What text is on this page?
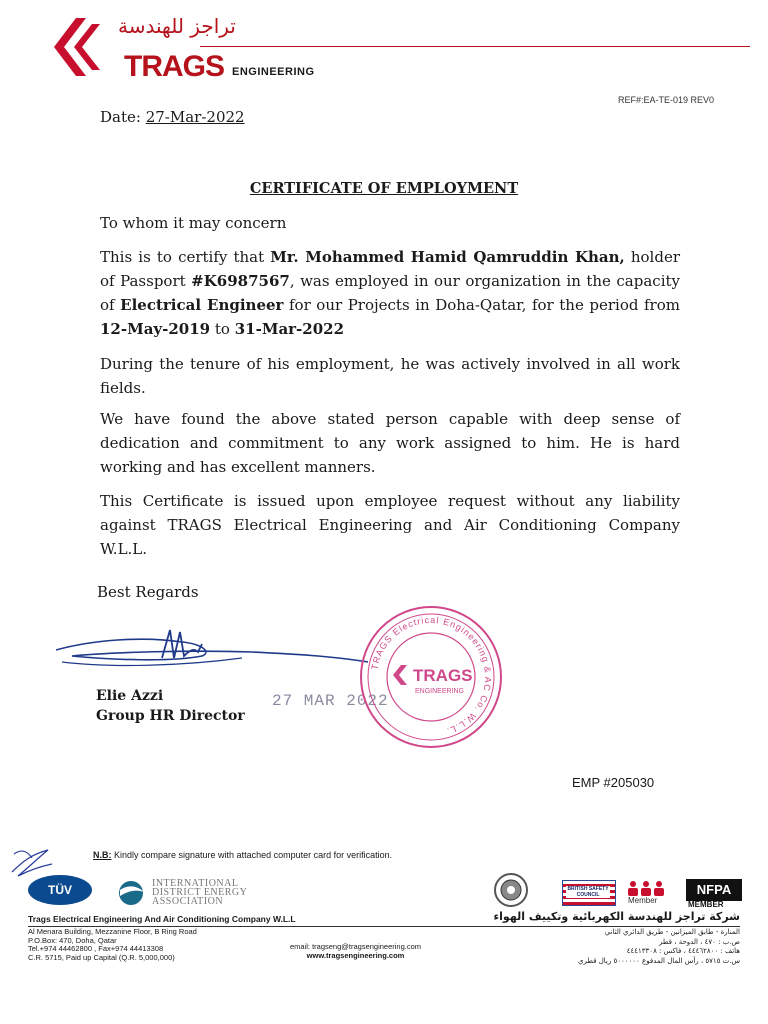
تراجز للهندسة
TRAGS ENGINEERING
REF#:EA-TE-019 REV0
Date: 27-Mar-2022
CERTIFICATE OF EMPLOYMENT
To whom it may concern
This is to certify that Mr. Mohammed Hamid Qamruddin Khan, holder of Passport #K6987567, was employed in our organization in the capacity of Electrical Engineer for our Projects in Doha-Qatar, for the period from 12-May-2019 to 31-Mar-2022
During the tenure of his employment, he was actively involved in all work fields.
We have found the above stated person capable with deep sense of dedication and commitment to any work assigned to him. He is hard working and has excellent manners.
This Certificate is issued upon employee request without any liability against TRAGS Electrical Engineering and Air Conditioning Company W.L.L.
Best Regards
Elie Azzi
Group HR Director
27 MAR 2022
TRAGS Electrical Engineering & AC Co. W.L.L.
TRAGS
ENGINEERING
EMP #205030
N.B: Kindly compare signature with attached computer card for verification.
TÜV	INTERNATIONAL
DISTRICT ENERGY
ASSOCIATION
BRITISH SAFETY COUNCIL
Member
NFPA
MEMBER
Trags Electrical Engineering And Air Conditioning Company W.L.L	شركة تراجز للهندسة الكهربائية وتكييف الهواء
Al Menara Building, Mezzanine Floor, B Ring Road
P.O.Box: 470, Doha, Qatar
Tel.+974 44462800 , Fax+974 44413308
C.R. 5715, Paid up Capital (Q.R. 5,000,000)
email: tragseng@tragsengineering.com
www.tragsengineering.com
المنارة - طابق الميزانين - طريق الدائري الثاني
ص.ب : ٤٧٠ ، الدوحة ، قطر
هاتف : ٤٤٤٦٢٨٠٠ ، فاكس : ٤٤٤١٣٣٠٨
س.ت ٥٧١٥ ، رأس المال المدفوع ٥٠٠٠٠٠٠ ريال قطري
